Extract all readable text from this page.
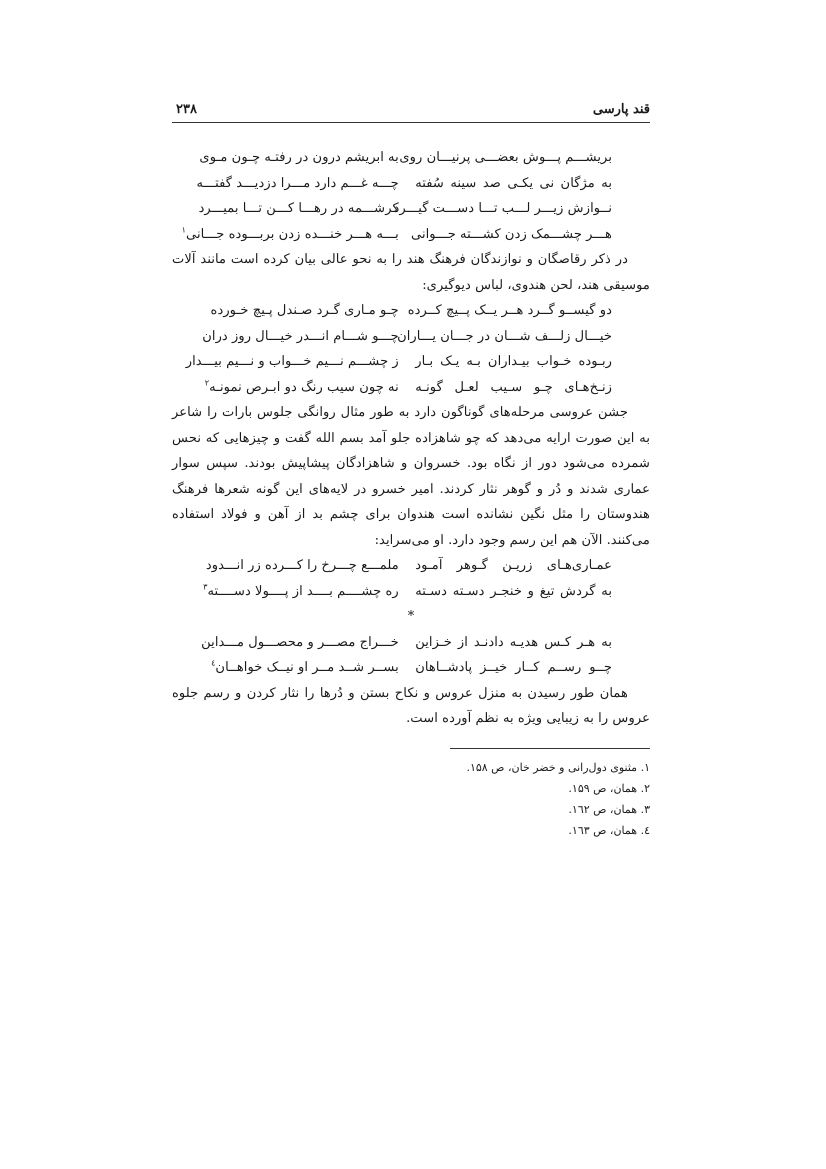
قند پارسی
۲۳۸
بریشـــم پـــوش بعضـــی پرنیـــان روی
به ابریشم درون در رفتـه چـون مـوی
به مژگان نی یکـی صد سینه سُفته
چـــه غـــم دارد مـــرا دزدیـــد گفتـــه
نــوازش زیـــر لـــب تـــا دســـت گیـــرد
کرشـــمه در رهـــا کـــن تـــا بمیـــرد
هـــر چشـــمک زدن کشـــته جـــوانی
بـــه هـــر خنـــده زدن بربـــوده جـــانی$^۱$

در ذکر رقاصگان و نوازندگان فرهنگ هند را به نحو عالی بیان کرده است مانند آلات موسیقی هند، لحن هندوی، لباس دیوگیری:

دو گیســو گــرد هــر یــک پــیچ کــرده
چـو مـاری گـرد صـندل پـیچ خـورده
خیـــال زلـــف شـــان در جـــان یـــاران
چـــو شـــام انـــدر خیـــال روز دران
ربـوده خـواب بیـداران بـه یـک بـار
ز چشـــم نـــیم خـــواب و نـــیم بیـــدار
زنـخ‌هـای چـو سـیب لعـل گونـه
نه چون سیب رنگ دو ابـرص نمونـه$^۲$

جشن عروسی مرحله‌های گوناگون دارد به طور مثال روانگی جلوس بارات را شاعر به این صورت ارایه می‌دهد که چو شاهزاده جلو آمد بسم الله گفت و چیزهایی که نحس شمرده می‌شود دور از نگاه بود. خسروان و شاهزادگان پیشاپیش بودند. سپس سوار عماری شدند و دُر و گوهر نثار کردند. امیر خسرو در لایه‌های این گونه شعرها فرهنگ هندوستان را مثل نگین نشانده است هندوان برای چشم بد از آهن و فولاد استفاده می‌کنند. الآن هم این رسم وجود دارد. او می‌سراید:

عمـاری‌هـای زریـن گـوهر آمـود
ملمـــع چـــرخ را کـــرده زر انـــدود
به گردش تیغ و خنجـر دسـته دسـته
ره چشــــم بــــد از پــــولا دســــته$^۳$
*
به هـر کـس هدیـه دادنـد از خـزاین
خـــراج مصـــر و محصـــول مـــداین
چــو رســم کــار خیــز پادشــاهان
بســر شــد مــر او نیــک خواهــان$^٤$

همان طور رسیدن به منزل عروس و نکاح بستن و دُرها را نثار کردن و رسم جلوه عروس را به زیبایی ویژه به نظم آورده است.

۱. مثنوی دول‌رانی و خضر خان، ص ۱۵۸.
۲. همان، ص ۱۵۹.
۳. همان، ص ۱٦۲.
٤. همان، ص ۱٦۳.
